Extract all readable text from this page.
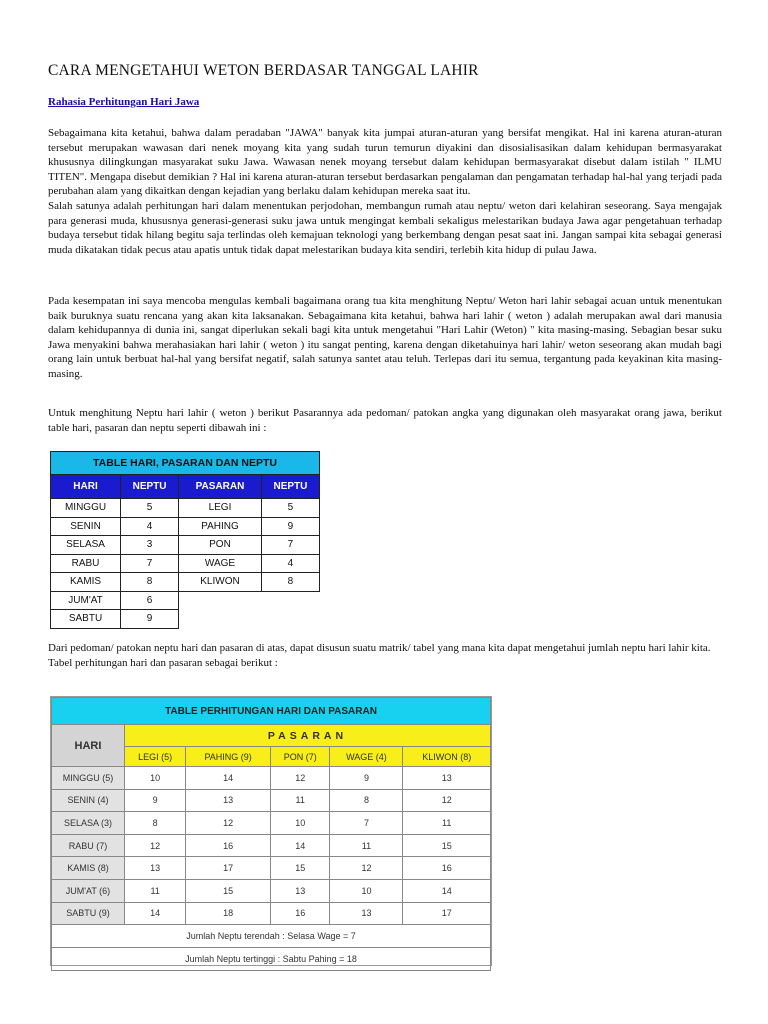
CARA MENGETAHUI WETON BERDASAR TANGGAL LAHIR
Rahasia Perhitungan Hari Jawa
Sebagaimana kita ketahui, bahwa dalam peradaban "JAWA" banyak kita jumpai aturan-aturan yang bersifat mengikat. Hal ini karena aturan-aturan tersebut merupakan wawasan dari nenek moyang kita yang sudah turun temurun diyakini dan disosialisasikan dalam kehidupan bermasyarakat khususnya dilingkungan masyarakat suku Jawa. Wawasan nenek moyang tersebut dalam kehidupan bermasyarakat disebut dalam istilah " ILMU TITEN". Mengapa disebut demikian ? Hal ini karena aturan-aturan tersebut berdasarkan pengalaman dan pengamatan terhadap hal-hal yang terjadi pada perubahan alam yang dikaitkan dengan kejadian yang berlaku dalam kehidupan mereka saat itu.
Salah satunya adalah perhitungan hari dalam menentukan perjodohan, membangun rumah atau neptu/ weton dari kelahiran seseorang. Saya mengajak para generasi muda, khususnya generasi-generasi suku jawa untuk mengingat kembali sekaligus melestarikan budaya Jawa agar pengetahuan terhadap budaya tersebut tidak hilang begitu saja terlindas oleh kemajuan teknologi yang berkembang dengan pesat saat ini. Jangan sampai kita sebagai generasi muda dikatakan tidak pecus atau apatis untuk tidak dapat melestarikan budaya kita sendiri, terlebih kita hidup di pulau Jawa.

Pada kesempatan ini saya mencoba mengulas kembali bagaimana orang tua kita menghitung Neptu/ Weton hari lahir sebagai acuan untuk menentukan baik buruknya suatu rencana yang akan kita laksanakan. Sebagaimana kita ketahui, bahwa hari lahir ( weton ) adalah merupakan awal dari manusia dalam kehidupannya di dunia ini, sangat diperlukan sekali bagi kita untuk mengetahui "Hari Lahir (Weton) " kita masing-masing. Sebagian besar suku Jawa menyakini bahwa merahasiakan hari lahir ( weton ) itu sangat penting, karena dengan diketahuinya hari lahir/ weton seseorang akan mudah bagi orang lain untuk berbuat hal-hal yang bersifat negatif, salah satunya santet atau teluh. Terlepas dari itu semua, tergantung pada keyakinan kita masing-masing.

Untuk menghitung Neptu hari lahir ( weton ) berikut Pasarannya ada pedoman/ patokan angka yang digunakan oleh masyarakat orang jawa, berikut table hari, pasaran dan neptu seperti dibawah ini :

Dari pedoman/ patokan neptu hari dan pasaran di atas, dapat disusun suatu matrik/ tabel yang mana kita dapat mengetahui jumlah neptu hari lahir kita. Tabel perhitungan hari dan pasaran sebagai berikut :

TABLE HARI, PASARAN DAN NEPTU			
HARI	NEPTU	PASARAN	NEPTU
MINGGU	5	LEGI	5
SENIN	4	PAHING	9
SELASA	3	PON	7
RABU	7	WAGE	4
KAMIS	8	KLIWON	8
JUM'AT	6		
SABTU	9		
TABLE PERHITUNGAN HARI DAN PASARAN					
HARI	PASARAN				
	LEGI (5)	PAHING (9)	PON (7)	WAGE (4)	KLIWON (8)
MINGGU (5)	10	14	12	9	13
SENIN (4)	9	13	11	8	12
SELASA (3)	8	12	10	7	11
RABU (7)	12	16	14	11	15
KAMIS (8)	13	17	15	12	16
JUM'AT (6)	11	15	13	10	14
SABTU (9)	14	18	16	13	17
Jumlah Neptu terendah : Selasa Wage = 7					
Jumlah Neptu tertinggi : Sabtu Pahing = 18					
